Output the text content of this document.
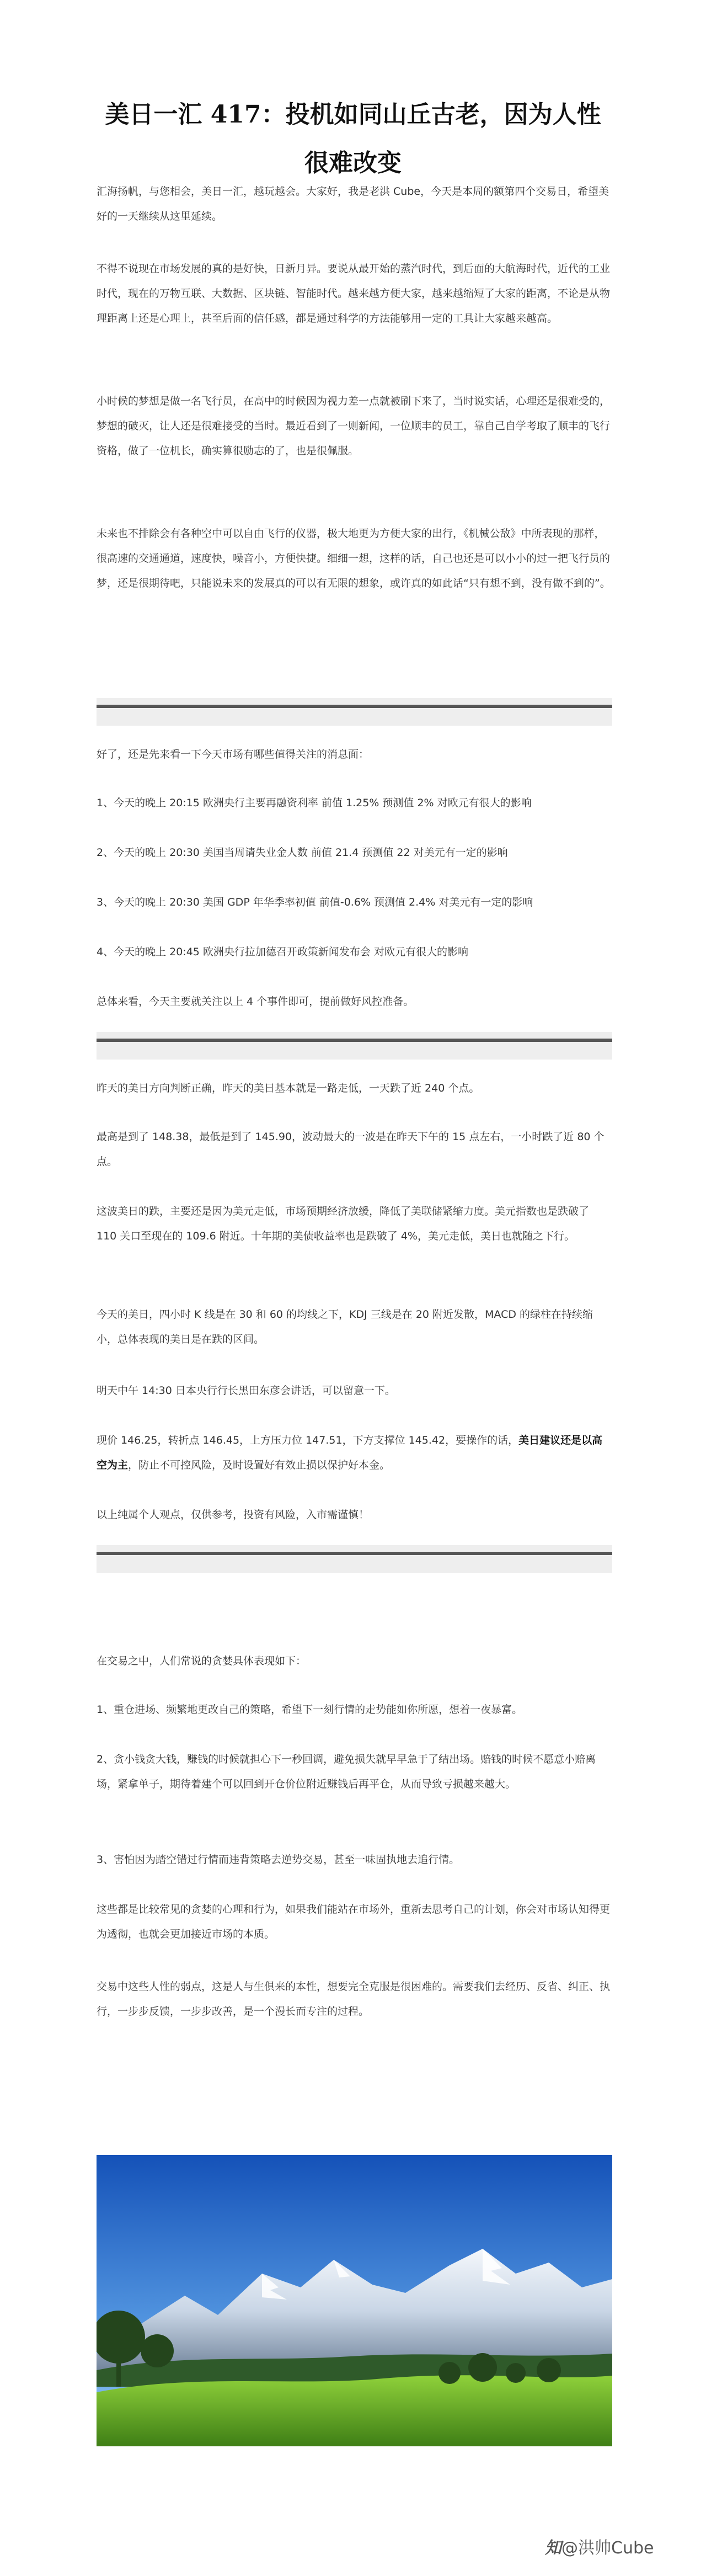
美日一汇 417：投机如同山丘古老，因为人性很难改变

汇海扬帆，与您相会，美日一汇，越玩越会。大家好，我是老洪 Cube，今天是本周的额第四个交易日，希望美好的一天继续从这里延续。

不得不说现在市场发展的真的是好快，日新月异。要说从最开始的蒸汽时代，到后面的大航海时代，近代的工业时代，现在的万物互联、大数据、区块链、智能时代。越来越方便大家，越来越缩短了大家的距离，不论是从物理距离上还是心理上，甚至后面的信任感，都是通过科学的方法能够用一定的工具让大家越来越高。

小时候的梦想是做一名飞行员，在高中的时候因为视力差一点就被刷下来了，当时说实话，心理还是很难受的，梦想的破灭，让人还是很难接受的当时。最近看到了一则新闻，一位顺丰的员工，靠自己自学考取了顺丰的飞行资格，做了一位机长，确实算很励志的了，也是很佩服。

未来也不排除会有各种空中可以自由飞行的仪器，极大地更为方便大家的出行，《机械公敌》中所表现的那样，很高速的交通通道，速度快，噪音小，方便快捷。细细一想，这样的话，自己也还是可以小小的过一把飞行员的梦，还是很期待吧，只能说未来的发展真的可以有无限的想象，或许真的如此话“只有想不到，没有做不到的”。

好了，还是先来看一下今天市场有哪些值得关注的消息面：

1、今天的晚上 20:15 欧洲央行主要再融资利率 前值 1.25% 预测值 2% 对欧元有很大的影响

2、今天的晚上 20:30 美国当周请失业金人数 前值 21.4 预测值 22 对美元有一定的影响

3、今天的晚上 20:30 美国 GDP 年华季率初值 前值-0.6% 预测值 2.4% 对美元有一定的影响

4、今天的晚上 20:45 欧洲央行拉加德召开政策新闻发布会 对欧元有很大的影响

总体来看，今天主要就关注以上 4 个事件即可，提前做好风控准备。

昨天的美日方向判断正确，昨天的美日基本就是一路走低，一天跌了近 240 个点。

最高是到了 148.38，最低是到了 145.90，波动最大的一波是在昨天下午的 15 点左右，一小时跌了近 80 个点。

这波美日的跌，主要还是因为美元走低，市场预期经济放缓，降低了美联储紧缩力度。美元指数也是跌破了 110 关口至现在的 109.6 附近。十年期的美债收益率也是跌破了 4%，美元走低，美日也就随之下行。

今天的美日，四小时 K 线是在 30 和 60 的均线之下，KDJ 三线是在 20 附近发散，MACD 的绿柱在持续缩小，总体表现的美日是在跌的区间。

明天中午 14:30 日本央行行长黑田东彦会讲话，可以留意一下。

现价 146.25，转折点 146.45，上方压力位 147.51，下方支撑位 145.42，要操作的话，美日建议还是以高空为主，防止不可控风险，及时设置好有效止损以保护好本金。

以上纯属个人观点，仅供参考，投资有风险，入市需谨慎！

在交易之中，人们常说的贪婪具体表现如下：

1、重仓进场、频繁地更改自己的策略，希望下一刻行情的走势能如你所愿，想着一夜暴富。

2、贪小钱贪大钱，赚钱的时候就担心下一秒回调，避免损失就早早急于了结出场。赔钱的时候不愿意小赔离场，紧拿单子，期待着建个可以回到开仓价位附近赚钱后再平仓，从而导致亏损越来越大。

3、害怕因为踏空错过行情而违背策略去逆势交易，甚至一味固执地去追行情。

这些都是比较常见的贪婪的心理和行为，如果我们能站在市场外，重新去思考自己的计划，你会对市场认知得更为透彻，也就会更加接近市场的本质。

交易中这些人性的弱点，这是人与生俱来的本性，想要完全克服是很困难的。需要我们去经历、反省、纠正、执行，一步步反馈，一步步改善，是一个漫长而专注的过程。

知@洪帅Cube
